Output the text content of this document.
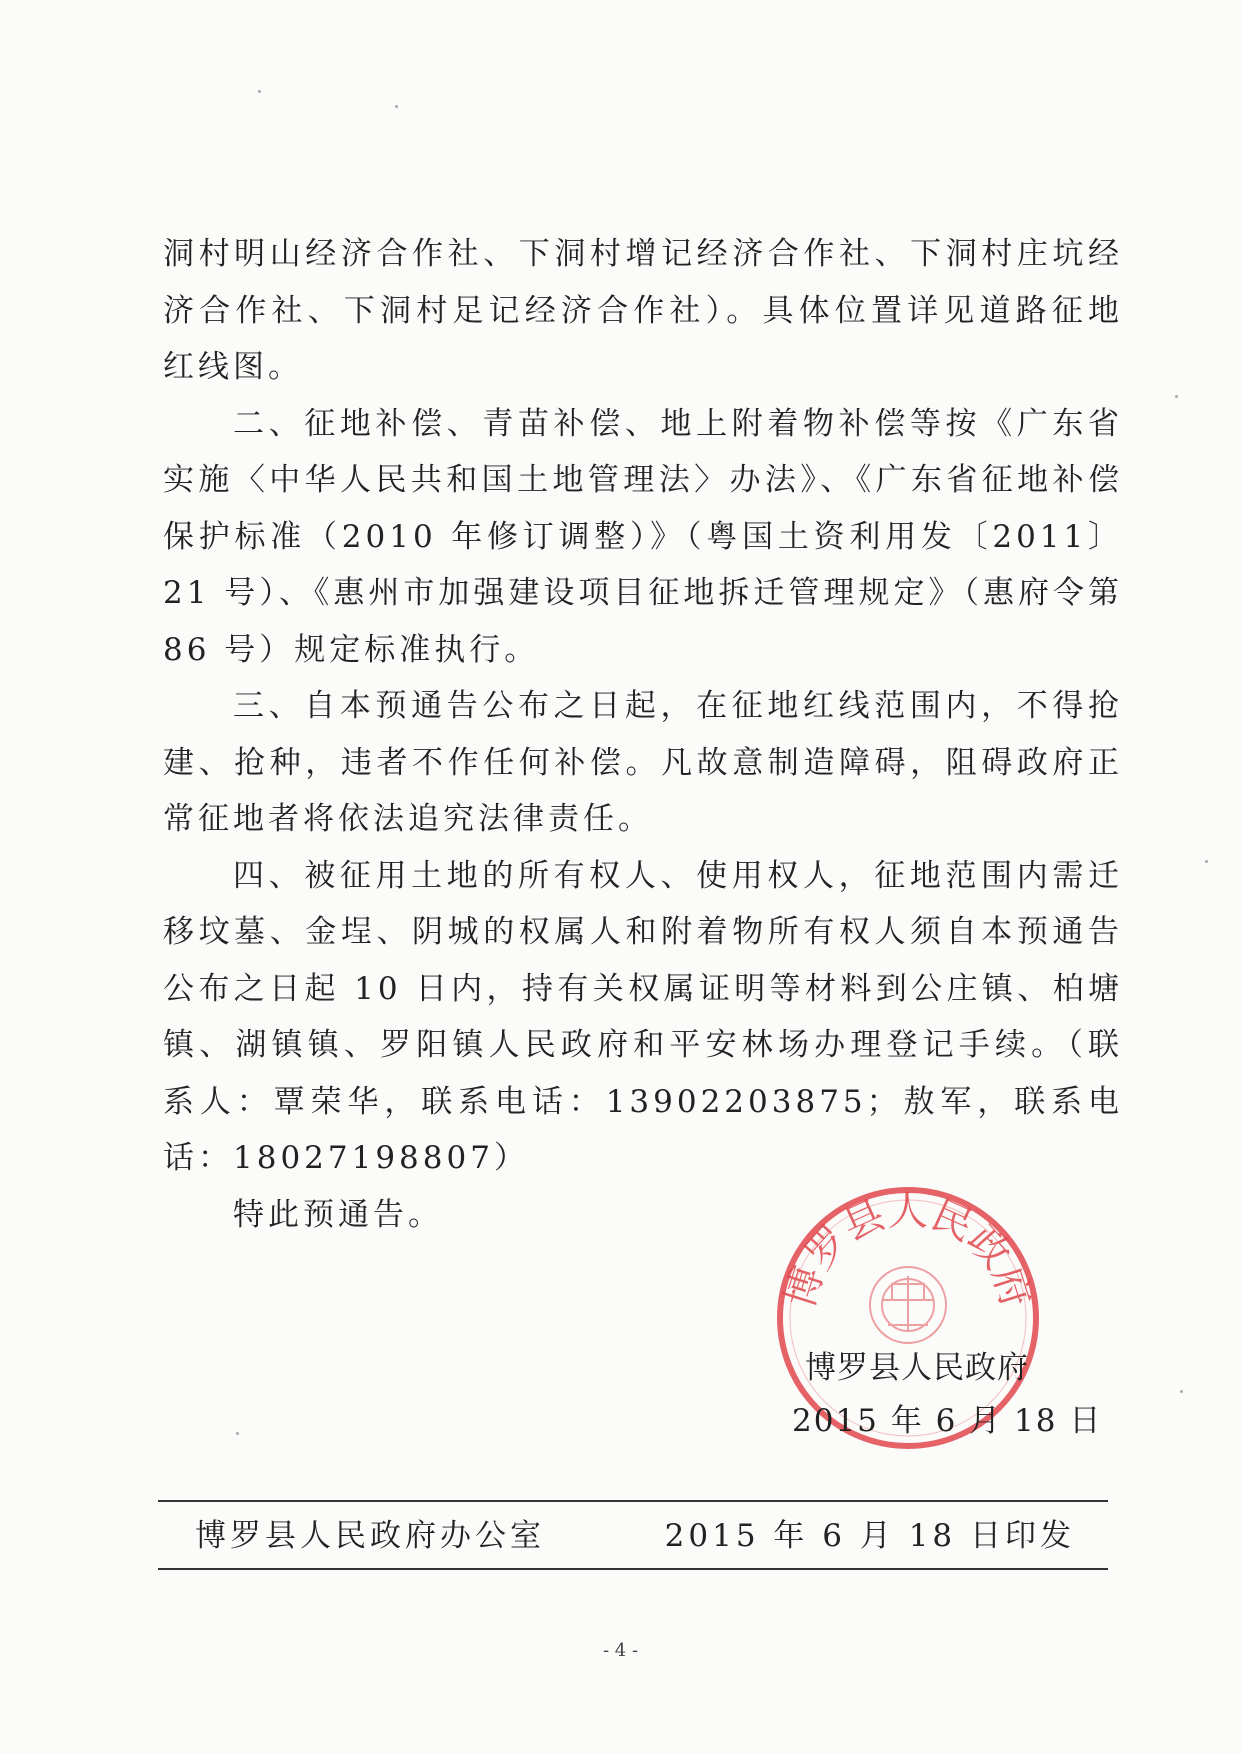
洞村明山经济合作社、下洞村增记经济合作社、下洞村庄坑经济合作社、下洞村足记经济合作社）。具体位置详见道路征地红线图。

二、征地补偿、青苗补偿、地上附着物补偿等按《广东省实施〈中华人民共和国土地管理法〉办法》、《广东省征地补偿保护标准（2010 年修订调整）》（粤国土资利用发〔2011〕21 号）、《惠州市加强建设项目征地拆迁管理规定》（惠府令第 86 号）规定标准执行。

三、自本预通告公布之日起，在征地红线范围内，不得抢建、抢种，违者不作任何补偿。凡故意制造障碍，阻碍政府正常征地者将依法追究法律责任。

四、被征用土地的所有权人、使用权人，征地范围内需迁移坟墓、金埕、阴城的权属人和附着物所有权人须自本预通告公布之日起 10 日内，持有关权属证明等材料到公庄镇、柏塘镇、湖镇镇、罗阳镇人民政府和平安林场办理登记手续。（联系人：覃荣华，联系电话：13902203875；敖军，联系电话：18027198807）

特此预通告。

博罗县人民政府
博罗县人民政府
2015 年 6 月 18 日
博罗县人民政府办公室	2015 年 6 月 18 日印发
- 4 -
